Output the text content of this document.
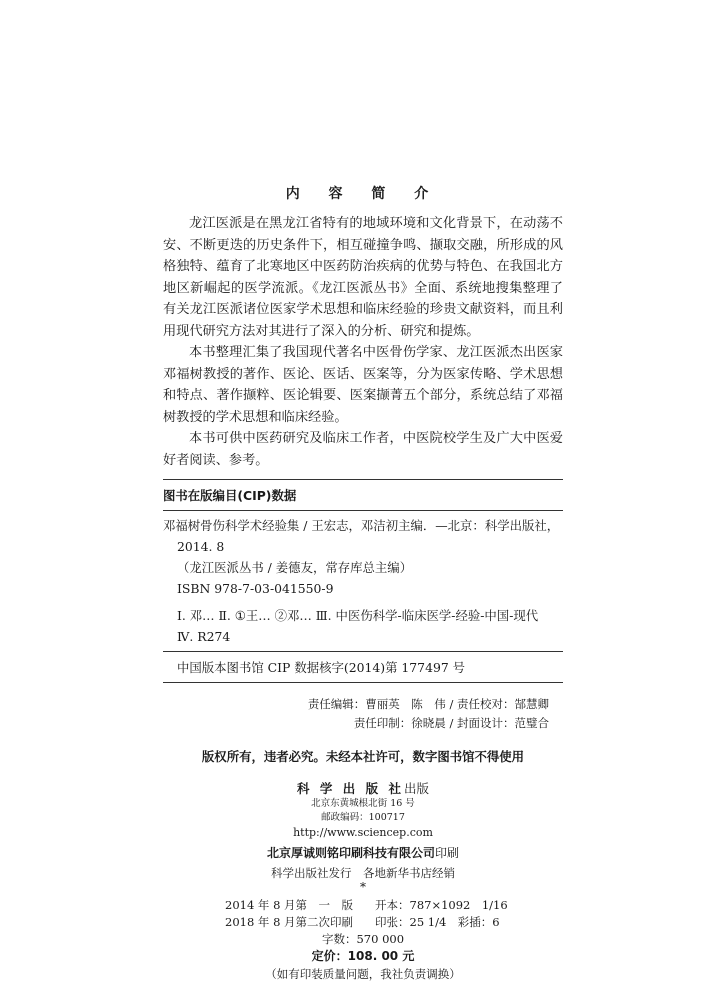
内 容 简 介

龙江医派是在黑龙江省特有的地域环境和文化背景下，在动荡不安、不断更迭的历史条件下，相互碰撞争鸣、撷取交融，所形成的风格独特、蕴育了北寒地区中医药防治疾病的优势与特色、在我国北方地区新崛起的医学流派。《龙江医派丛书》全面、系统地搜集整理了有关龙江医派诸位医家学术思想和临床经验的珍贵文献资料，而且利用现代研究方法对其进行了深入的分析、研究和提炼。

本书整理汇集了我国现代著名中医骨伤学家、龙江医派杰出医家邓福树教授的著作、医论、医话、医案等，分为医家传略、学术思想和特点、著作撷粹、医论辑要、医案撷菁五个部分，系统总结了邓福树教授的学术思想和临床经验。

本书可供中医药研究及临床工作者，中医院校学生及广大中医爱好者阅读、参考。

图书在版编目(CIP)数据

邓福树骨伤科学术经验集 / 王宏志，邓洁初主编．—北京：科学出版社，2014. 8

（龙江医派丛书 / 姜德友，常存库总主编）

ISBN 978-7-03-041550-9

Ⅰ. 邓… Ⅱ. ①王… ②邓… Ⅲ. 中医伤科学-临床医学-经验-中国-现代

Ⅳ. R274

中国版本图书馆 CIP 数据核字(2014)第 177497 号
责任编辑：曹丽英　陈　伟 / 责任校对：郜慧卿
责任印制：徐晓晨 / 封面设计：范璧合
版权所有，违者必究。未经本社许可，数字图书馆不得使用
科 学 出 版 社出版
北京东黄城根北街 16 号
邮政编码：100717
http://www.sciencep.com
北京厚诚则铭印刷科技有限公司印刷
科学出版社发行　各地新华书店经销
*
2014 年 8 月第　一　版 开本：787×1092　1/16
2018 年 8 月第二次印刷 印张：25 1/4　彩插：6
字数：570 000
定价：108. 00 元
（如有印装质量问题，我社负责调换）
